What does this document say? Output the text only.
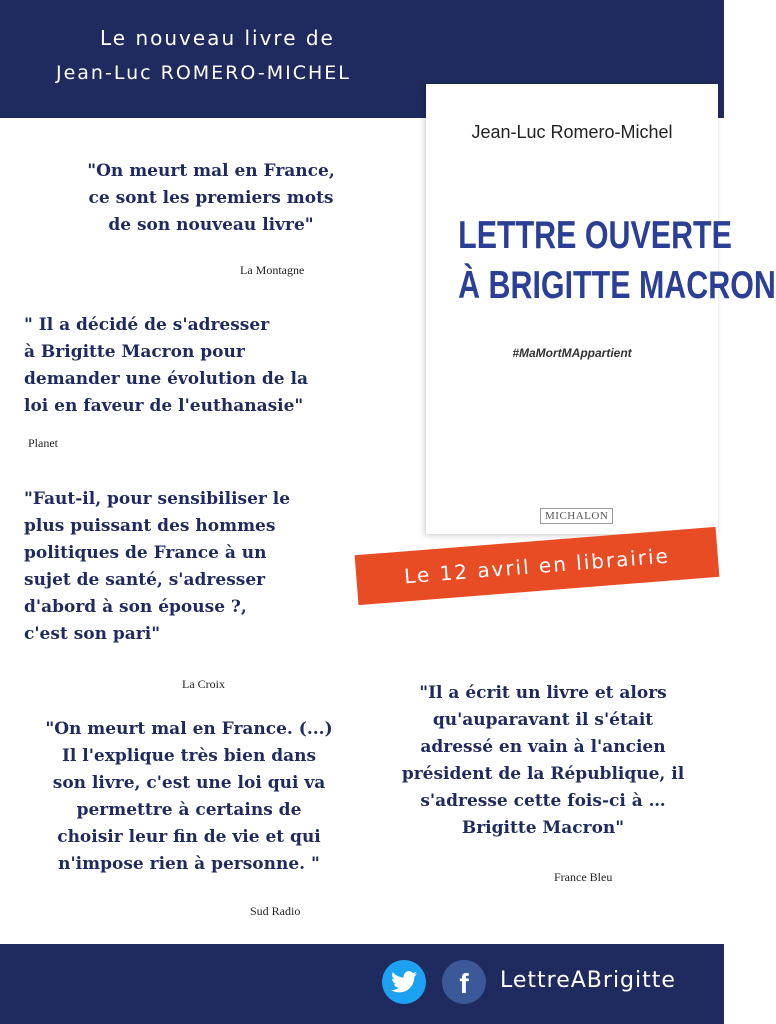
Le nouveau livre de
Jean-Luc ROMERO-MICHEL
Jean-Luc Romero-Michel
LETTRE OUVERTE
À BRIGITTE MACRON
#MaMortMAppartient
MICHALON
Le 12 avril en librairie
"On meurt mal en France,
ce sont les premiers mots
de son nouveau livre"
La Montagne
" Il a décidé de s'adresser
à Brigitte Macron pour
demander une évolution de la
loi en faveur de l'euthanasie"
Planet
"Faut-il, pour sensibiliser le
plus puissant des hommes
politiques de France à un
sujet de santé, s'adresser
d'abord à son épouse ?,
c'est son pari"
La Croix
"On meurt mal en France. (...)
Il l'explique très bien dans
son livre, c'est une loi qui va
permettre à certains de
choisir leur fin de vie et qui
n'impose rien à personne. "
Sud Radio
"Il a écrit un livre et alors
qu'auparavant il s'était
adressé en vain à l'ancien
président de la République, il
s'adresse cette fois-ci à …
Brigitte Macron"
France Bleu
f LettreABrigitte
